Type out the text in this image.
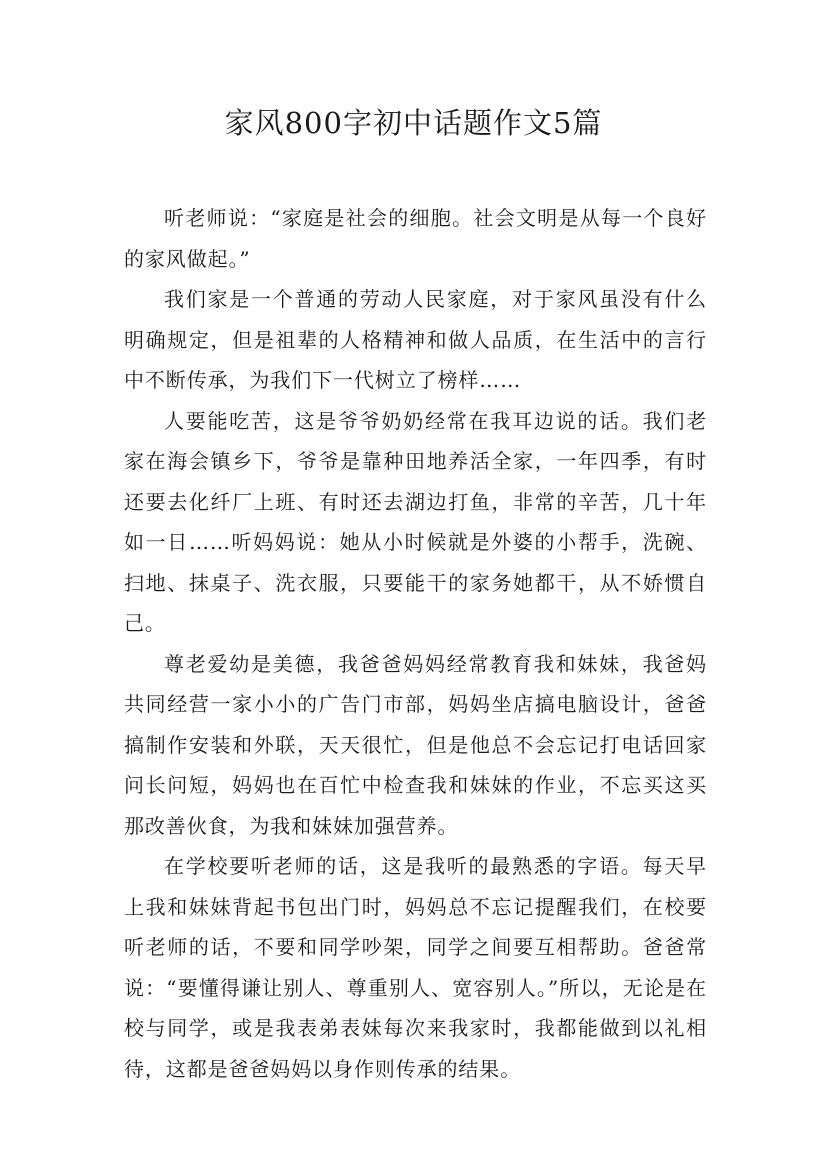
家风800字初中话题作文5篇

听老师说：“家庭是社会的细胞。社会文明是从每一个良好的家风做起。”

我们家是一个普通的劳动人民家庭，对于家风虽没有什么明确规定，但是祖辈的人格精神和做人品质，在生活中的言行中不断传承，为我们下一代树立了榜样……

人要能吃苦，这是爷爷奶奶经常在我耳边说的话。我们老家在海会镇乡下，爷爷是靠种田地养活全家，一年四季，有时还要去化纤厂上班、有时还去湖边打鱼，非常的辛苦，几十年如一日……听妈妈说：她从小时候就是外婆的小帮手，洗碗、扫地、抹桌子、洗衣服，只要能干的家务她都干，从不娇惯自己。

尊老爱幼是美德，我爸爸妈妈经常教育我和妹妹，我爸妈共同经营一家小小的广告门市部，妈妈坐店搞电脑设计，爸爸搞制作安装和外联，天天很忙，但是他总不会忘记打电话回家问长问短，妈妈也在百忙中检查我和妹妹的作业，不忘买这买那改善伙食，为我和妹妹加强营养。

在学校要听老师的话，这是我听的最熟悉的字语。每天早上我和妹妹背起书包出门时，妈妈总不忘记提醒我们，在校要听老师的话，不要和同学吵架，同学之间要互相帮助。爸爸常说：“要懂得谦让别人、尊重别人、宽容别人。”所以，无论是在校与同学，或是我表弟表妹每次来我家时，我都能做到以礼相待，这都是爸爸妈妈以身作则传承的结果。
